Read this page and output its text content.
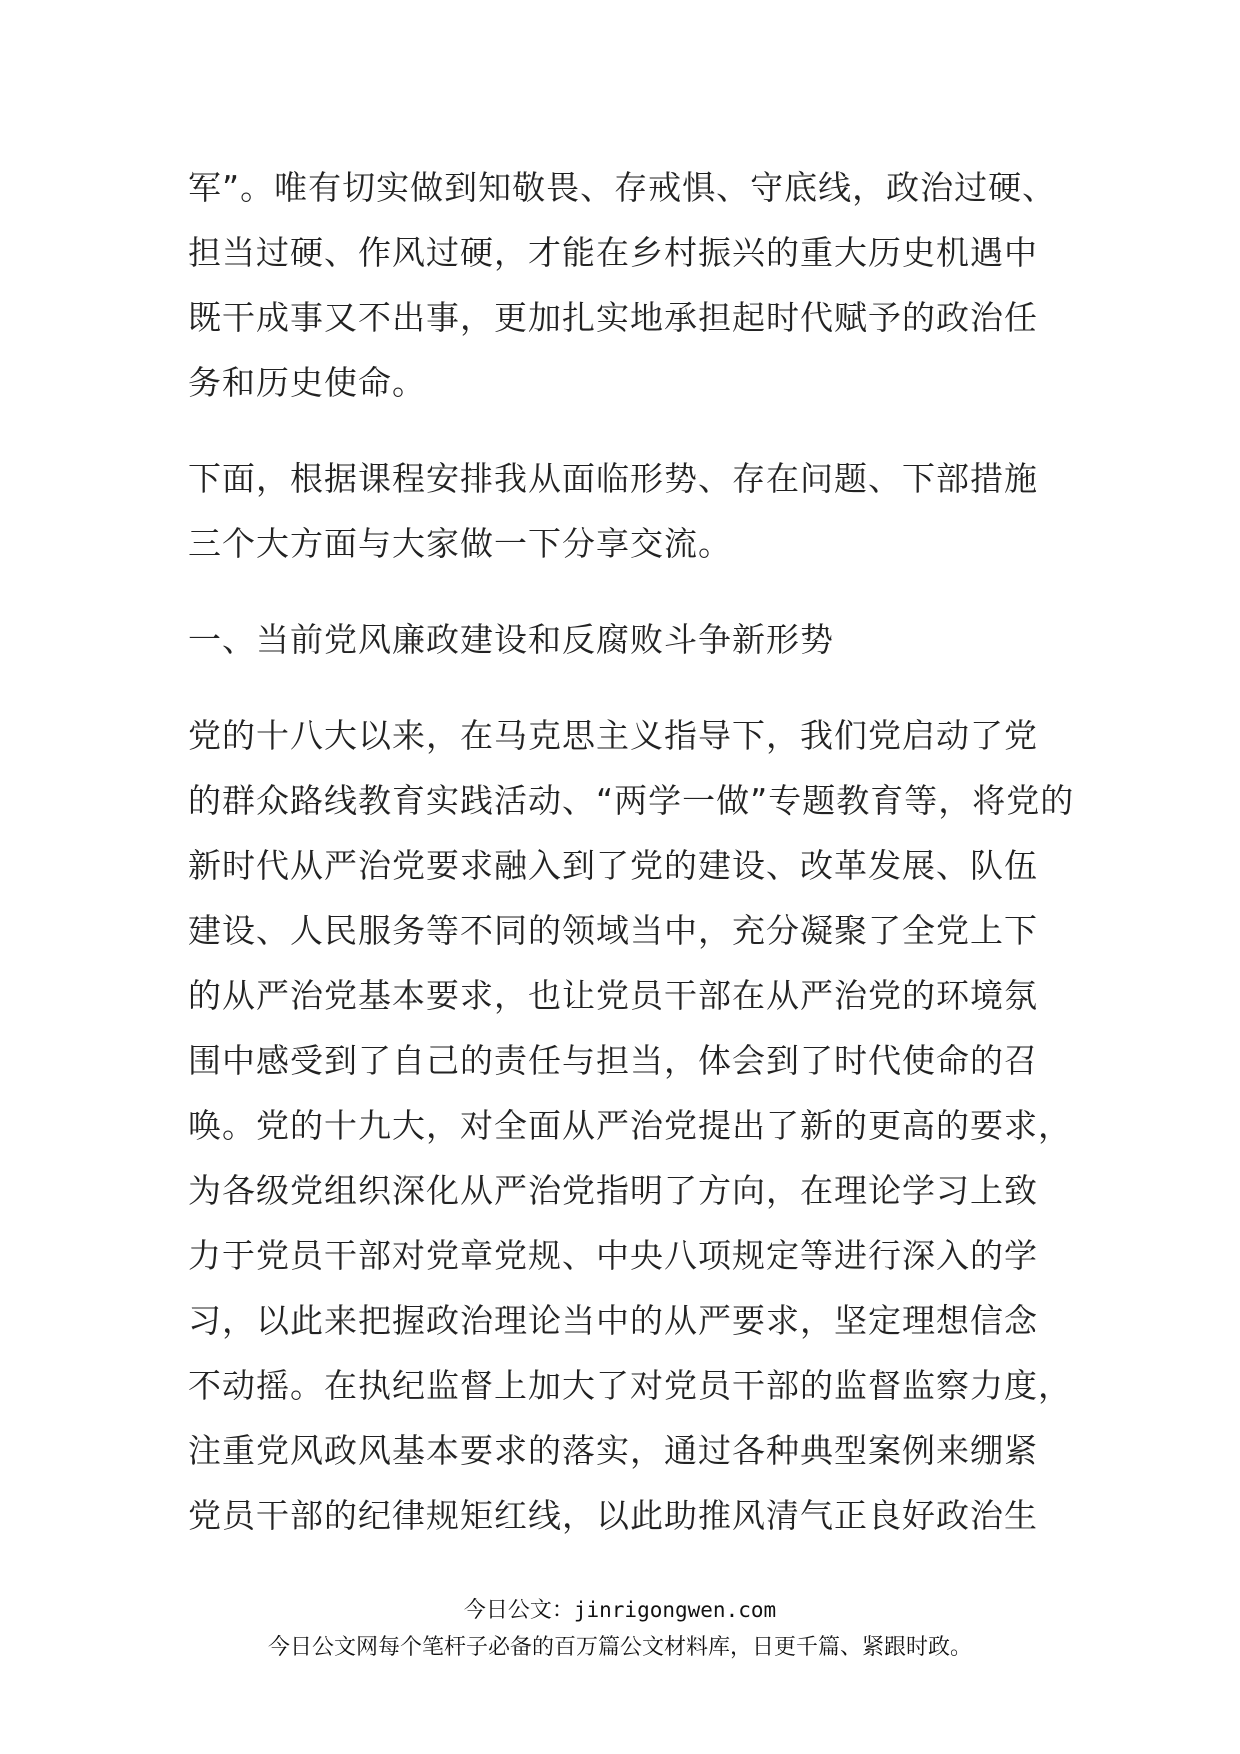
军”。唯有切实做到知敬畏、存戒惧、守底线，政治过硬、
担当过硬、作风过硬，才能在乡村振兴的重大历史机遇中
既干成事又不出事，更加扎实地承担起时代赋予的政治任
务和历史使命。
下面，根据课程安排我从面临形势、存在问题、下部措施
三个大方面与大家做一下分享交流。
一、当前党风廉政建设和反腐败斗争新形势
党的十八大以来，在马克思主义指导下，我们党启动了党
的群众路线教育实践活动、“两学一做”专题教育等，将党的
新时代从严治党要求融入到了党的建设、改革发展、队伍
建设、人民服务等不同的领域当中，充分凝聚了全党上下
的从严治党基本要求，也让党员干部在从严治党的环境氛
围中感受到了自己的责任与担当，体会到了时代使命的召
唤。党的十九大，对全面从严治党提出了新的更高的要求，
为各级党组织深化从严治党指明了方向，在理论学习上致
力于党员干部对党章党规、中央八项规定等进行深入的学
习，以此来把握政治理论当中的从严要求，坚定理想信念
不动摇。在执纪监督上加大了对党员干部的监督监察力度，
注重党风政风基本要求的落实，通过各种典型案例来绷紧
党员干部的纪律规矩红线，以此助推风清气正良好政治生
今日公文：jinrigongwen.com
今日公文网每个笔杆子必备的百万篇公文材料库，日更千篇、紧跟时政。
